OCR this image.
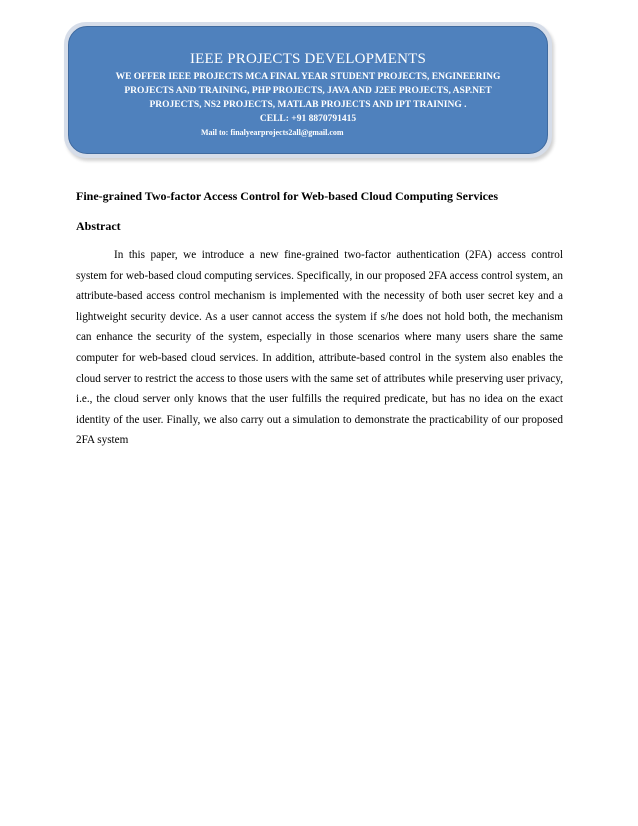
IEEE PROJECTS DEVELOPMENTS
WE OFFER IEEE PROJECTS MCA FINAL YEAR STUDENT PROJECTS, ENGINEERING
PROJECTS AND TRAINING, PHP PROJECTS, JAVA AND J2EE PROJECTS, ASP.NET
PROJECTS, NS2 PROJECTS, MATLAB PROJECTS AND IPT TRAINING .
CELL: +91 8870791415
Mail to: finalyearprojects2all@gmail.com
Fine-grained Two-factor Access Control for Web-based Cloud Computing Services
Abstract

In this paper, we introduce a new fine-grained two-factor authentication (2FA) access control system for web-based cloud computing services. Specifically, in our proposed 2FA access control system, an attribute-based access control mechanism is implemented with the necessity of both user secret key and a lightweight security device. As a user cannot access the system if s/he does not hold both, the mechanism can enhance the security of the system, especially in those scenarios where many users share the same computer for web-based cloud services. In addition, attribute-based control in the system also enables the cloud server to restrict the access to those users with the same set of attributes while preserving user privacy, i.e., the cloud server only knows that the user fulfills the required predicate, but has no idea on the exact identity of the user. Finally, we also carry out a simulation to demonstrate the practicability of our proposed 2FA system
